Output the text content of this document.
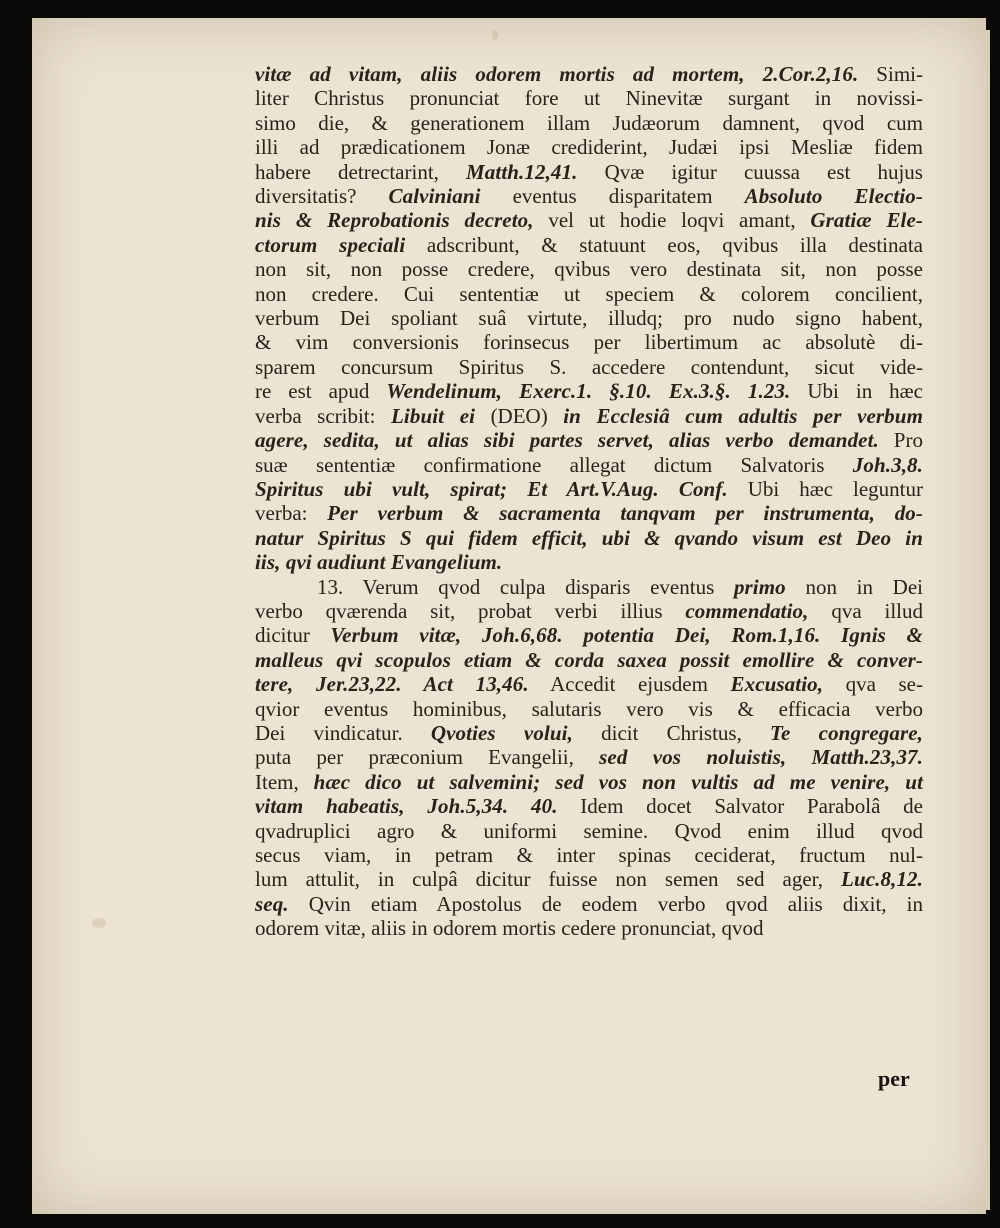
vitæ ad vitam, aliis odorem mortis ad mortem, 2.Cor.2,16. Simi-
liter Christus pronunciat fore ut Ninevitæ surgant in novissi-
simo die, & generationem illam Judæorum damnent, qvod cum
illi ad prædicationem Jonæ crediderint, Judæi ipsi Mesliæ fidem
habere detrectarint, Matth.12,41. Qvæ igitur cuussa est hujus
diversitatis? Calviniani eventus disparitatem Absoluto Electio-
nis & Reprobationis decreto, vel ut hodie loqvi amant, Gratiæ Ele-
ctorum speciali adscribunt, & statuunt eos, qvibus illa destinata
non sit, non posse credere, qvibus vero destinata sit, non posse
non credere. Cui sententiæ ut speciem & colorem concilient,
verbum Dei spoliant suâ virtute, illudq; pro nudo signo habent,
& vim conversionis forinsecus per libertimum ac absolutè di-
sparem concursum Spiritus S. accedere contendunt, sicut vide-
re est apud Wendelinum, Exerc.1. §.10. Ex.3.§. 1.23. Ubi in hæc
verba scribit: Libuit ei (DEO) in Ecclesiâ cum adultis per verbum
agere, sedita, ut alias sibi partes servet, alias verbo demandet. Pro
suæ sententiæ confirmatione allegat dictum Salvatoris Joh.3,8.
Spiritus ubi vult, spirat; Et Art.V.Aug. Conf. Ubi hæc leguntur
verba: Per verbum & sacramenta tanqvam per instrumenta, do-
natur Spiritus S qui fidem efficit, ubi & qvando visum est Deo in
iis, qvi audiunt Evangelium.
13. Verum qvod culpa disparis eventus primo non in Dei
verbo qværenda sit, probat verbi illius commendatio, qva illud
dicitur Verbum vitæ, Joh.6,68. potentia Dei, Rom.1,16. Ignis &
malleus qvi scopulos etiam & corda saxea possit emollire & conver-
tere, Jer.23,22. Act 13,46. Accedit ejusdem Excusatio, qva se-
qvior eventus hominibus, salutaris vero vis & efficacia verbo
Dei vindicatur. Qvoties volui, dicit Christus, Te congregare,
puta per præconium Evangelii, sed vos noluistis, Matth.23,37.
Item, hæc dico ut salvemini; sed vos non vultis ad me venire, ut
vitam habeatis, Joh.5,34. 40. Idem docet Salvator Parabolâ de
qvadruplici agro & uniformi semine. Qvod enim illud qvod
secus viam, in petram & inter spinas ceciderat, fructum nul-
lum attulit, in culpâ dicitur fuisse non semen sed ager, Luc.8,12.
seq. Qvin etiam Apostolus de eodem verbo qvod aliis dixit, in
odorem vitæ, aliis in odorem mortis cedere pronunciat, qvod
per
